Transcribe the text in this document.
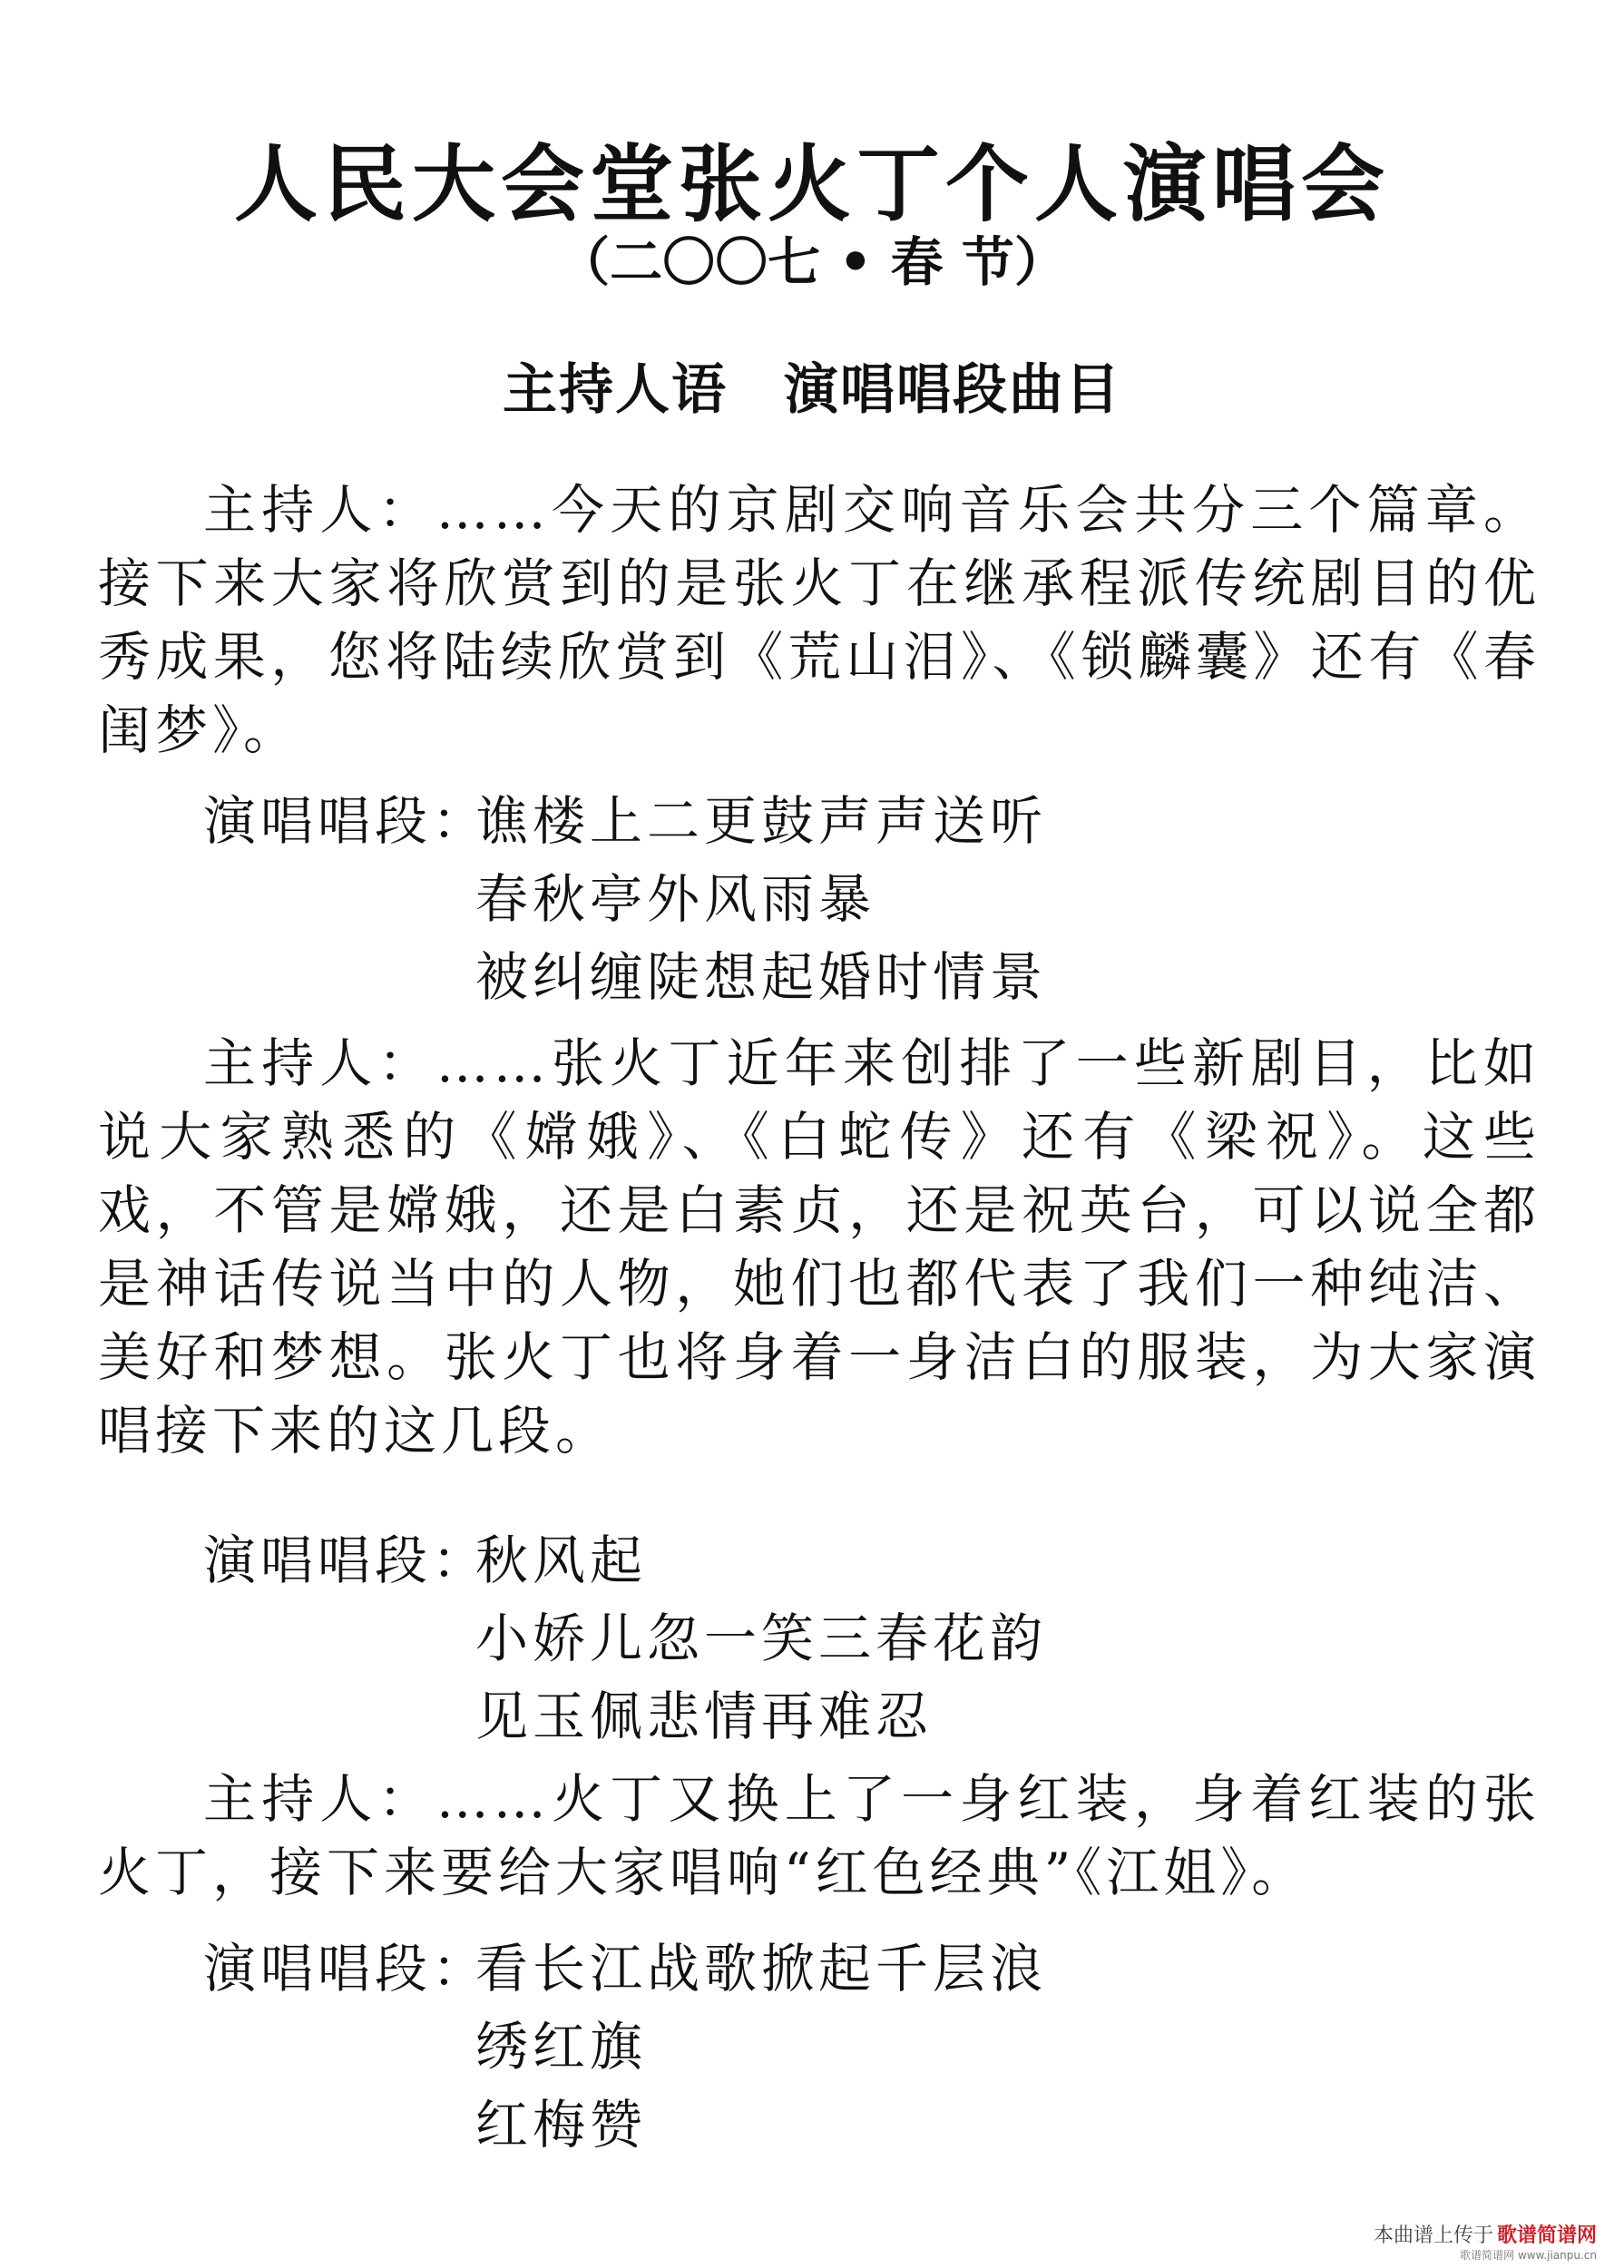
人民大会堂张火丁个人演唱会
（二〇〇七 • 春 节）
主持人语　演唱唱段曲目
主持人：……今天的京剧交响音乐会共分三个篇章。接下来大家将欣赏到的是张火丁在继承程派传统剧目的优秀成果，您将陆续欣赏到《荒山泪》、《锁麟囊》还有《春闺梦》。
演唱唱段：
谯楼上二更鼓声声送听
春秋亭外风雨暴
被纠缠陡想起婚时情景
主持人：……张火丁近年来创排了一些新剧目，比如说大家熟悉的《嫦娥》、《白蛇传》还有《梁祝》。这些戏，不管是嫦娥，还是白素贞，还是祝英台，可以说全都是神话传说当中的人物，她们也都代表了我们一种纯洁、美好和梦想。张火丁也将身着一身洁白的服装，为大家演唱接下来的这几段。
演唱唱段：
秋风起
小娇儿忽一笑三春花韵
见玉佩悲情再难忍
主持人：……火丁又换上了一身红装，身着红装的张火丁，接下来要给大家唱响“红色经典”《江姐》。
演唱唱段：
看长江战歌掀起千层浪
绣红旗
红梅赞
本曲谱上传于 歌谱简谱网
歌谱简谱网 www.jianpu.cn
